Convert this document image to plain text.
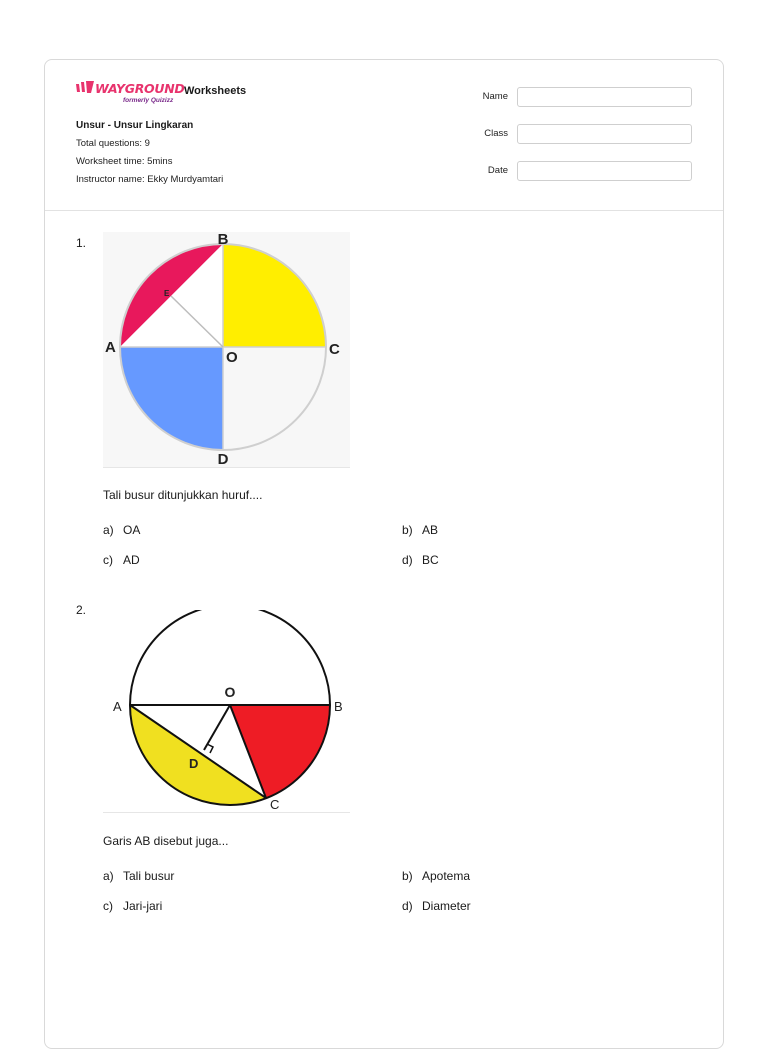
WAYGROUND
formerly Quizizz
Worksheets
Unsur - Unsur Lingkaran
Total questions: 9
Worksheet time: 5mins
Instructor name: Ekky Murdyamtari
Name
Class
Date
1.	B
A	C
O
D
E
Tali busur ditunjukkan huruf....
a) OA	b) AB
c) AD	d) BC
2.
O
A	B
C
D
Garis AB disebut juga...
a) Tali busur	b) Apotema
c) Jari-jari	d) Diameter
